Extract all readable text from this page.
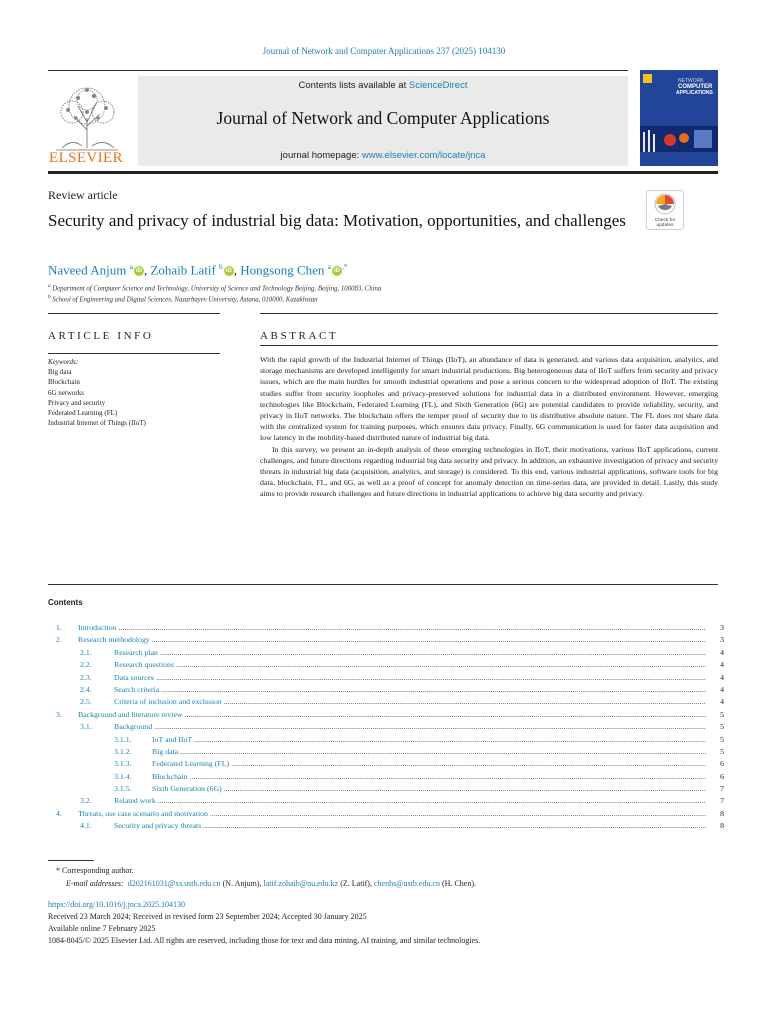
Journal of Network and Computer Applications 237 (2025) 104130
ELSEVIER
Contents lists available at ScienceDirect
Journal of Network and Computer Applications
journal homepage: www.elsevier.com/locate/jnca
NETWORK
COMPUTER
APPLICATIONS
Review article
Security and privacy of industrial big data: Motivation, opportunities, and challenges	Check for
updates
Naveed Anjum $^a$iD , Zohaib Latif $^b$iD , Hongsong Chen $^a$iD,*
$^a$ Department of Computer Science and Technology, University of Science and Technology Beijing, Beijing, 100083, China
$^b$ School of Engineering and Digital Sciences, Nazarbayev University, Astana, 010000, Kazakhstan
ARTICLE INFO
Keywords:
Big data
Blockchain
6G networks
Privacy and security
Federated Learning (FL)
Industrial Internet of Things (IIoT)
ABSTRACT

With the rapid growth of the Industrial Internet of Things (IIoT), an abundance of data is generated, and various data acquisition, analytics, and storage mechanisms are developed intelligently for smart industrial productions. Big heterogeneous data of IIoT suffers from security and privacy issues, which are the main hurdles for smooth industrial operations and pose a serious concern to the widespread adoption of IIoT. The existing studies suffer from security loopholes and privacy-preserved solutions for industrial data in a distributed environment. However, emerging technologies like Blockchain, Federated Learning (FL), and Sixth Generation (6G) are potential candidates to provide reliability, security, and privacy in IIoT networks. The blockchain offers the temper proof of security due to its distributive absolute nature. The FL does not share data with the centralized system for training purposes, which ensures data privacy. Finally, 6G communication is used for faster data acquisition and low latency in the mobility-based distributed nature of industrial big data.

In this survey, we present an in-depth analysis of these emerging technologies in IIoT, their motivations, various IIoT applications, current challenges, and future directions regarding industrial big data security and privacy. In addition, an exhaustive investigation of privacy and security threats in industrial big data (acquisition, analytics, and storage) is considered. To this end, various industrial applications, software tools for big data, blockchain, FL, and 6G, as well as a proof of concept for anomaly detection on time-series data, are provided in detail. Lastly, this study aims to provide research challenges and future directions in industrial applications to achieve big data security and privacy.

Contents
1.	Introduction .....	3
2.	Research methodology .....	3
2.1.	Research plan .....	4
2.2.	Research questions .....	4
2.3.	Data sources .....	4
2.4.	Search criteria .....	4
2.5.	Criteria of inclusion and exclusion .....	4
3.	Background and literature review .....	5
3.1.	Background .....	5
3.1.1.	IoT and IIoT .....	5
3.1.2.	Big data .....	5
3.1.3.	Federated Learning (FL) .....	6
3.1.4.	Blockchain .....	6
3.1.5.	Sixth Generation (6G) .....	7
3.2.	Related work .....	7
4.	Threats, use case scenario and motivation .....	8
4.1.	Security and privacy threats .....	8
* Corresponding author.
E-mail addresses: d202161031@xs.ustb.edu.cn (N. Anjum), latif.zohaib@nu.edu.kz (Z. Latif), chenhs@ustb.edu.cn (H. Chen).
https://doi.org/10.1016/j.jnca.2025.104130
Received 23 March 2024; Received in revised form 23 September 2024; Accepted 30 January 2025
Available online 7 February 2025
1084-8045/© 2025 Elsevier Ltd. All rights are reserved, including those for text and data mining, AI training, and similar technologies.
